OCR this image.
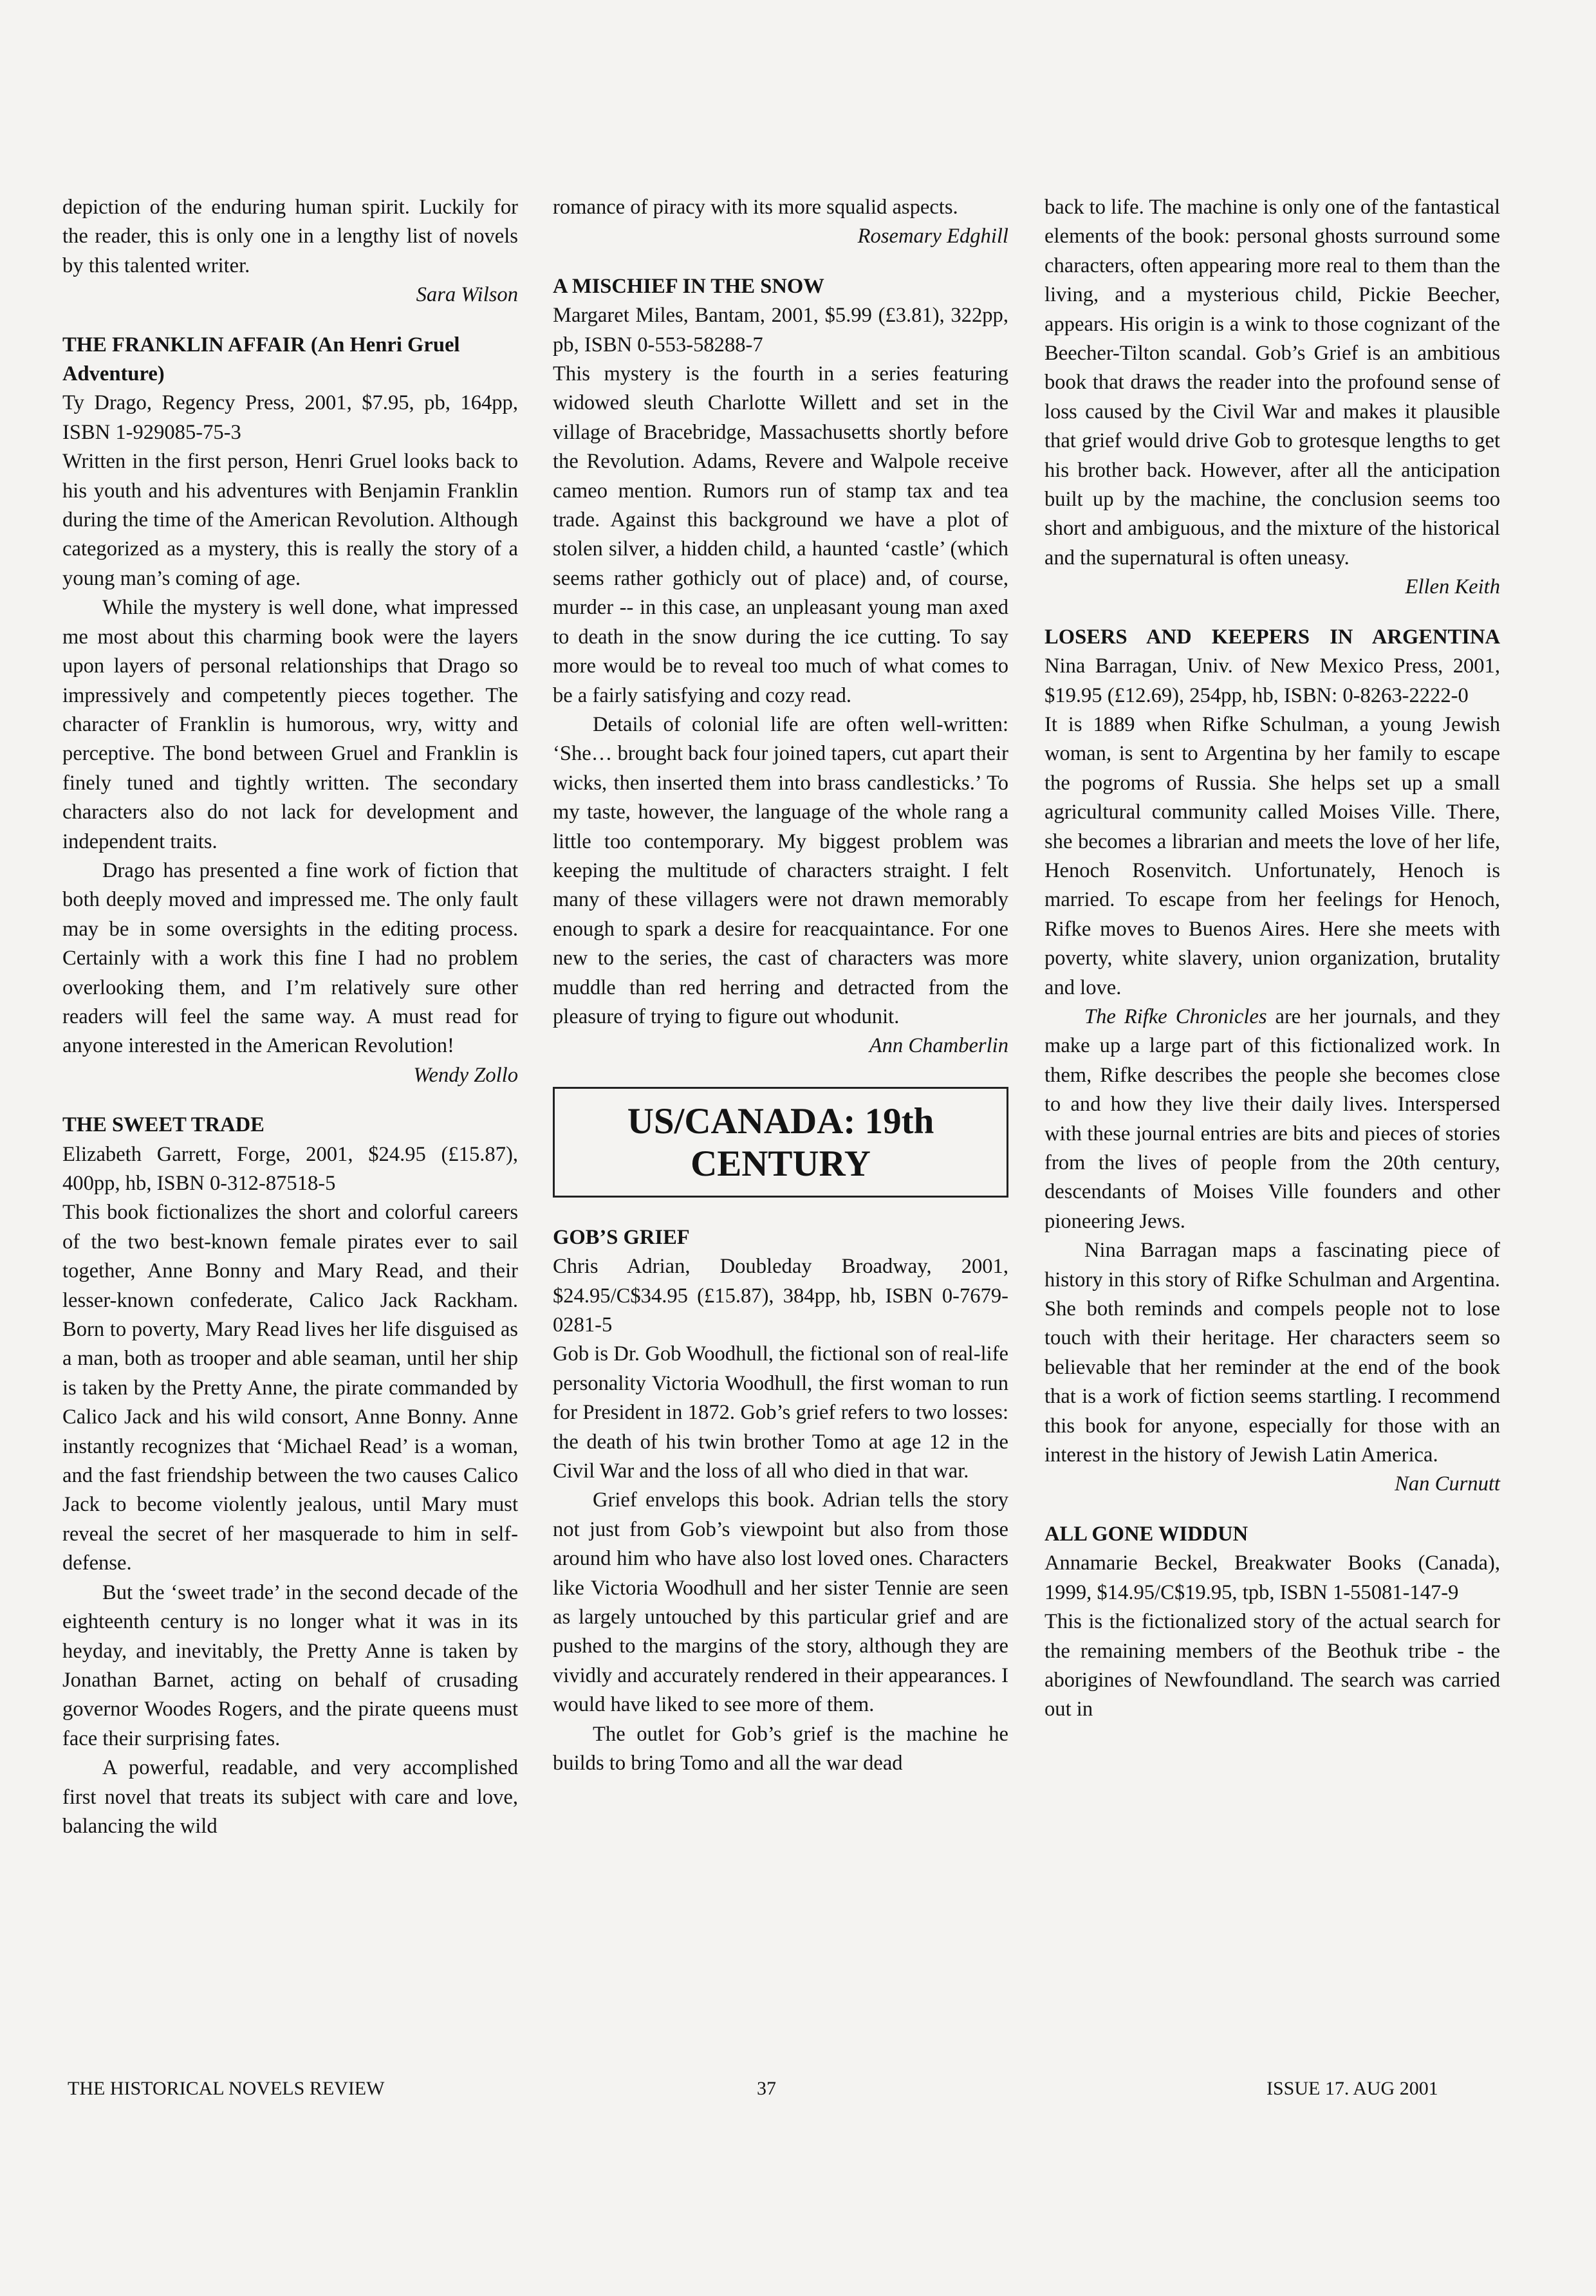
depiction of the enduring human spirit. Luckily for the reader, this is only one in a lengthy list of novels by this talented writer.

Sara Wilson

THE FRANKLIN AFFAIR (An Henri Gruel Adventure)

Ty Drago, Regency Press, 2001, $7.95, pb, 164pp, ISBN 1-929085-75-3

Written in the first person, Henri Gruel looks back to his youth and his adventures with Benjamin Franklin during the time of the American Revolution. Although categorized as a mystery, this is really the story of a young man’s coming of age.

While the mystery is well done, what impressed me most about this charming book were the layers upon layers of personal relationships that Drago so impressively and competently pieces together. The character of Franklin is humorous, wry, witty and perceptive. The bond between Gruel and Franklin is finely tuned and tightly written. The secondary characters also do not lack for development and independent traits.

Drago has presented a fine work of fiction that both deeply moved and impressed me. The only fault may be in some oversights in the editing process. Certainly with a work this fine I had no problem overlooking them, and I’m relatively sure other readers will feel the same way. A must read for anyone interested in the American Revolution!

Wendy Zollo

THE SWEET TRADE

Elizabeth Garrett, Forge, 2001, $24.95 (£15.87), 400pp, hb, ISBN 0-312-87518-5

This book fictionalizes the short and colorful careers of the two best-known female pirates ever to sail together, Anne Bonny and Mary Read, and their lesser-known confederate, Calico Jack Rackham. Born to poverty, Mary Read lives her life disguised as a man, both as trooper and able seaman, until her ship is taken by the Pretty Anne, the pirate commanded by Calico Jack and his wild consort, Anne Bonny. Anne instantly recognizes that ‘Michael Read’ is a woman, and the fast friendship between the two causes Calico Jack to become violently jealous, until Mary must reveal the secret of her masquerade to him in self-defense.

But the ‘sweet trade’ in the second decade of the eighteenth century is no longer what it was in its heyday, and inevitably, the Pretty Anne is taken by Jonathan Barnet, acting on behalf of crusading governor Woodes Rogers, and the pirate queens must face their surprising fates.

A powerful, readable, and very accomplished first novel that treats its subject with care and love, balancing the wild

romance of piracy with its more squalid aspects.

Rosemary Edghill

A MISCHIEF IN THE SNOW

Margaret Miles, Bantam, 2001, $5.99 (£3.81), 322pp, pb, ISBN 0-553-58288-7

This mystery is the fourth in a series featuring widowed sleuth Charlotte Willett and set in the village of Bracebridge, Massachusetts shortly before the Revolution. Adams, Revere and Walpole receive cameo mention. Rumors run of stamp tax and tea trade. Against this background we have a plot of stolen silver, a hidden child, a haunted ‘castle’ (which seems rather gothicly out of place) and, of course, murder -- in this case, an unpleasant young man axed to death in the snow during the ice cutting. To say more would be to reveal too much of what comes to be a fairly satisfying and cozy read.

Details of colonial life are often well-written: ‘She… brought back four joined tapers, cut apart their wicks, then inserted them into brass candlesticks.’ To my taste, however, the language of the whole rang a little too contemporary. My biggest problem was keeping the multitude of characters straight. I felt many of these villagers were not drawn memorably enough to spark a desire for reacquaintance. For one new to the series, the cast of characters was more muddle than red herring and detracted from the pleasure of trying to figure out whodunit.

Ann Chamberlin

US/CANADA: 19th CENTURY

GOB’S GRIEF

Chris Adrian, Doubleday Broadway, 2001, $24.95/C$34.95 (£15.87), 384pp, hb, ISBN 0-7679-0281-5

Gob is Dr. Gob Woodhull, the fictional son of real-life personality Victoria Woodhull, the first woman to run for President in 1872. Gob’s grief refers to two losses: the death of his twin brother Tomo at age 12 in the Civil War and the loss of all who died in that war.

Grief envelops this book. Adrian tells the story not just from Gob’s viewpoint but also from those around him who have also lost loved ones. Characters like Victoria Woodhull and her sister Tennie are seen as largely untouched by this particular grief and are pushed to the margins of the story, although they are vividly and accurately rendered in their appearances. I would have liked to see more of them.

The outlet for Gob’s grief is the machine he builds to bring Tomo and all the war dead

back to life. The machine is only one of the fantastical elements of the book: personal ghosts surround some characters, often appearing more real to them than the living, and a mysterious child, Pickie Beecher, appears. His origin is a wink to those cognizant of the Beecher-Tilton scandal. Gob’s Grief is an ambitious book that draws the reader into the profound sense of loss caused by the Civil War and makes it plausible that grief would drive Gob to grotesque lengths to get his brother back. However, after all the anticipation built up by the machine, the conclusion seems too short and ambiguous, and the mixture of the historical and the supernatural is often uneasy.

Ellen Keith

LOSERS AND KEEPERS IN ARGENTINA

Nina Barragan, Univ. of New Mexico Press, 2001, $19.95 (£12.69), 254pp, hb, ISBN: 0-8263-2222-0

It is 1889 when Rifke Schulman, a young Jewish woman, is sent to Argentina by her family to escape the pogroms of Russia. She helps set up a small agricultural community called Moises Ville. There, she becomes a librarian and meets the love of her life, Henoch Rosenvitch. Unfortunately, Henoch is married. To escape from her feelings for Henoch, Rifke moves to Buenos Aires. Here she meets with poverty, white slavery, union organization, brutality and love.

The Rifke Chronicles are her journals, and they make up a large part of this fictionalized work. In them, Rifke describes the people she becomes close to and how they live their daily lives. Interspersed with these journal entries are bits and pieces of stories from the lives of people from the 20th century, descendants of Moises Ville founders and other pioneering Jews.

Nina Barragan maps a fascinating piece of history in this story of Rifke Schulman and Argentina. She both reminds and compels people not to lose touch with their heritage. Her characters seem so believable that her reminder at the end of the book that is a work of fiction seems startling. I recommend this book for anyone, especially for those with an interest in the history of Jewish Latin America.

Nan Curnutt

ALL GONE WIDDUN

Annamarie Beckel, Breakwater Books (Canada), 1999, $14.95/C$19.95, tpb, ISBN 1-55081-147-9

This is the fictionalized story of the actual search for the remaining members of the Beothuk tribe - the aborigines of Newfoundland. The search was carried out in

THE HISTORICAL NOVELS REVIEW	37	ISSUE 17. AUG 2001
